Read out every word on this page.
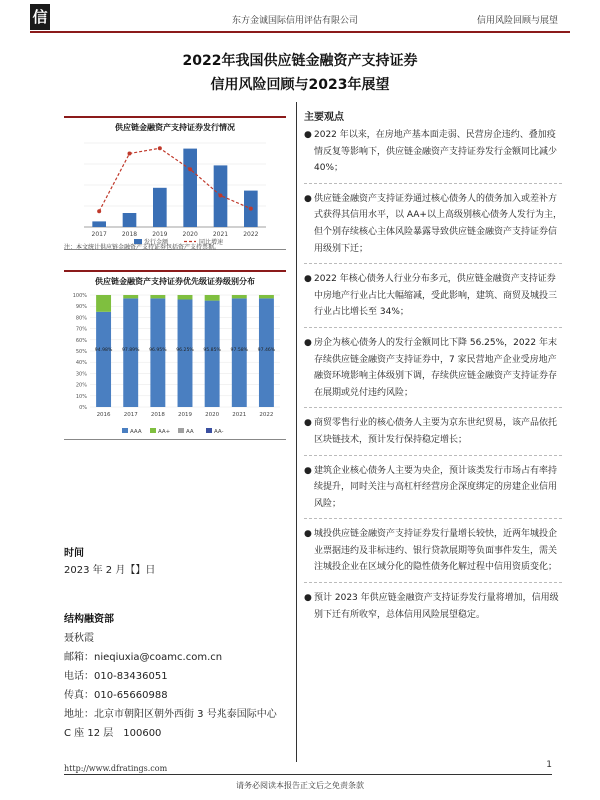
信	东方金诚国际信用评估有限公司	信用风险回顾与展望
2022年我国供应链金融资产支持证券
信用风险回顾与2023年展望
供应链金融资产支持证券发行情况
2017	2018	2019	2020	2021	2022
发行金额	同比增速
注：本文统计供应链金融资产支持证券包括资产支持票据。
供应链金融资产支持证券优先级证券级别分布
100%
90%
80%
70%
60%
50%
40%
30%
20%
10%
0%
94.98%
2016
97.89%
2017
96.95%
2018
96.25%
2019
95.85%
2020
97.58%
2021
97.46%
2022
AAA	AA+	AA	AA-
时间
2023 年 2 月【】日
结构融资部
聂秋霞
邮箱：nieqiuxia@coamc.com.cn
电话：010-83436051
传真：010-65660988
地址：北京市朝阳区朝外西街 3 号兆泰国际中心
C 座 12 层　100600
主要观点
● 2022 年以来，在房地产基本面走弱、民营房企违约、叠加疫情反复等影响下，供应链金融资产支持证券发行金额同比减少 40%；
● 供应链金融资产支持证券通过核心债务人的债务加入或差补方式获得其信用水平，以 AA+以上高级别核心债务人发行为主，但个别存续核心主体风险暴露导致供应链金融资产支持证券信用级别下迁；
● 2022 年核心债务人行业分布多元，供应链金融资产支持证券中房地产行业占比大幅缩减，受此影响，建筑、商贸及城投三行业占比增长至 34%；
● 房企为核心债务人的发行金额同比下降 56.25%，2022 年末存续供应链金融资产支持证券中，7 家民营地产企业受房地产融资环境影响主体级别下调，存续供应链金融资产支持证券存在展期或兑付违约风险；
● 商贸零售行业的核心债务人主要为京东世纪贸易，该产品依托区块链技术，预计发行保持稳定增长；
● 建筑企业核心债务人主要为央企，预计该类发行市场占有率持续提升，同时关注与高杠杆经营房企深度绑定的房建企业信用风险；
● 城投供应链金融资产支持证券发行量增长较快，近两年城投企业票据违约及非标违约、银行贷款展期等负面事件发生，需关注城投企业在区域分化的隐性债务化解过程中信用资质变化；
● 预计 2023 年供应链金融资产支持证券发行量将增加，信用级别下迁有所收窄，总体信用风险展望稳定。
http://www.dfratings.com	1
请务必阅读本报告正文后之免责条款
